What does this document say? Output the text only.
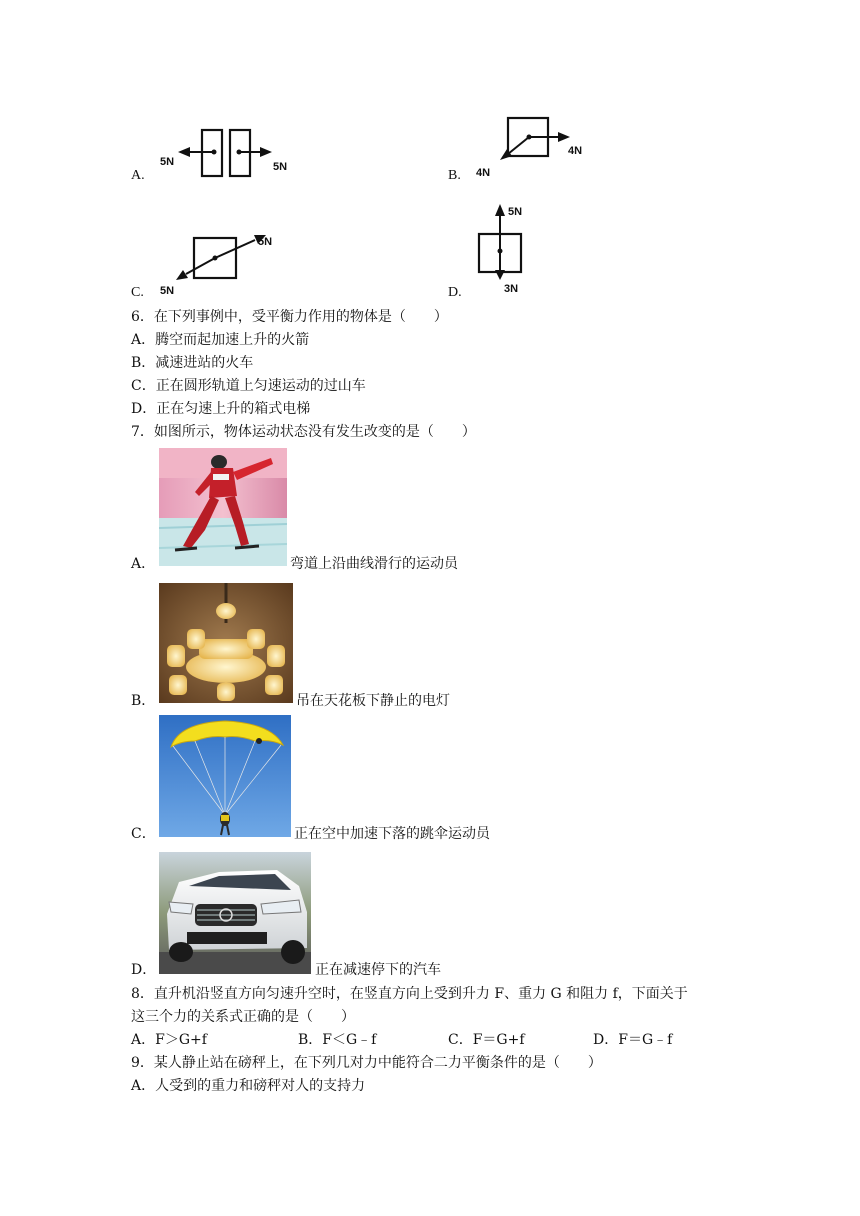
A.
5N	5N
B. 4N
4N
C. 5N
5N
D.
5N
3N
6．在下列事例中，受平衡力作用的物体是（　　）
A．腾空而起加速上升的火箭
B．减速进站的火车
C．正在圆形轨道上匀速运动的过山车
D．正在匀速上升的箱式电梯
7．如图所示，物体运动状态没有发生改变的是（　　）
A．	弯道上沿曲线滑行的运动员
B．	吊在天花板下静止的电灯
C．	正在空中加速下落的跳伞运动员
D．	正在减速停下的汽车
8．直升机沿竖直方向匀速升空时，在竖直方向上受到升力 F、重力 G 和阻力 f，下面关于
这三个力的关系式正确的是（　　）
A．F＞G+f	B．F＜G﹣f	C．F＝G+f	D．F＝G﹣f
9．某人静止站在磅秤上，在下列几对力中能符合二力平衡条件的是（　　）
A．人受到的重力和磅秤对人的支持力
